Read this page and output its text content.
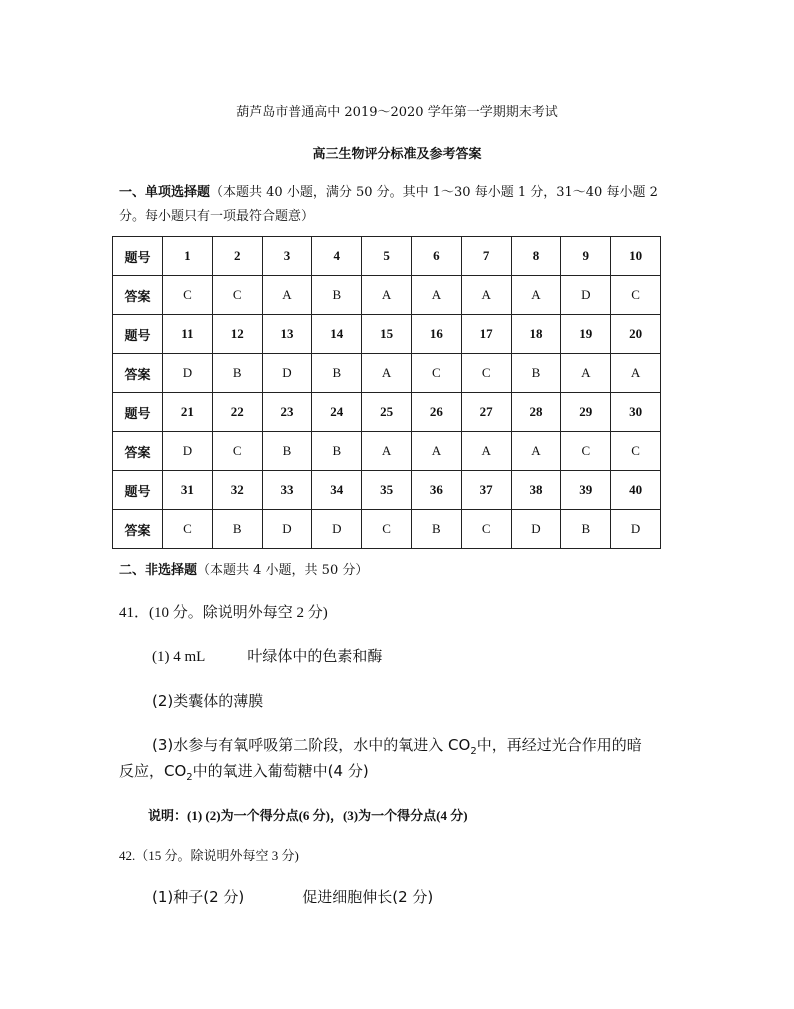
葫芦岛市普通高中 2019～2020 学年第一学期期末考试
高三生物评分标准及参考答案
一、单项选择题（本题共 40 小题，满分 50 分。其中 1～30 每小题 1 分，31～40 每小题 2
分。每小题只有一项最符合题意）
题号	1	2	3	4	5	6	7	8	9	10
答案	C	C	A	B	A	A	A	A	D	C
题号	11	12	13	14	15	16	17	18	19	20
答案	D	B	D	B	A	C	C	B	A	A
题号	21	22	23	24	25	26	27	28	29	30
答案	D	C	B	B	A	A	A	A	C	C
题号	31	32	33	34	35	36	37	38	39	40
答案	C	B	D	D	C	B	C	D	B	D
二、非选择题（本题共 4 小题，共 50 分）
41．(10 分。除说明外每空 2 分)
(1) 4 mL	叶绿体中的色素和酶
(2)类囊体的薄膜
(3)水参与有氧呼吸第二阶段，水中的氧进入 $CO_2$中，再经过光合作用的暗
反应，$CO_2$中的氧进入葡萄糖中(4 分)
说明：(1) (2)为一个得分点(6 分)，(3)为一个得分点(4 分)
42.（15 分。除说明外每空 3 分)
(1)种子(2 分)	促进细胞伸长(2 分)
